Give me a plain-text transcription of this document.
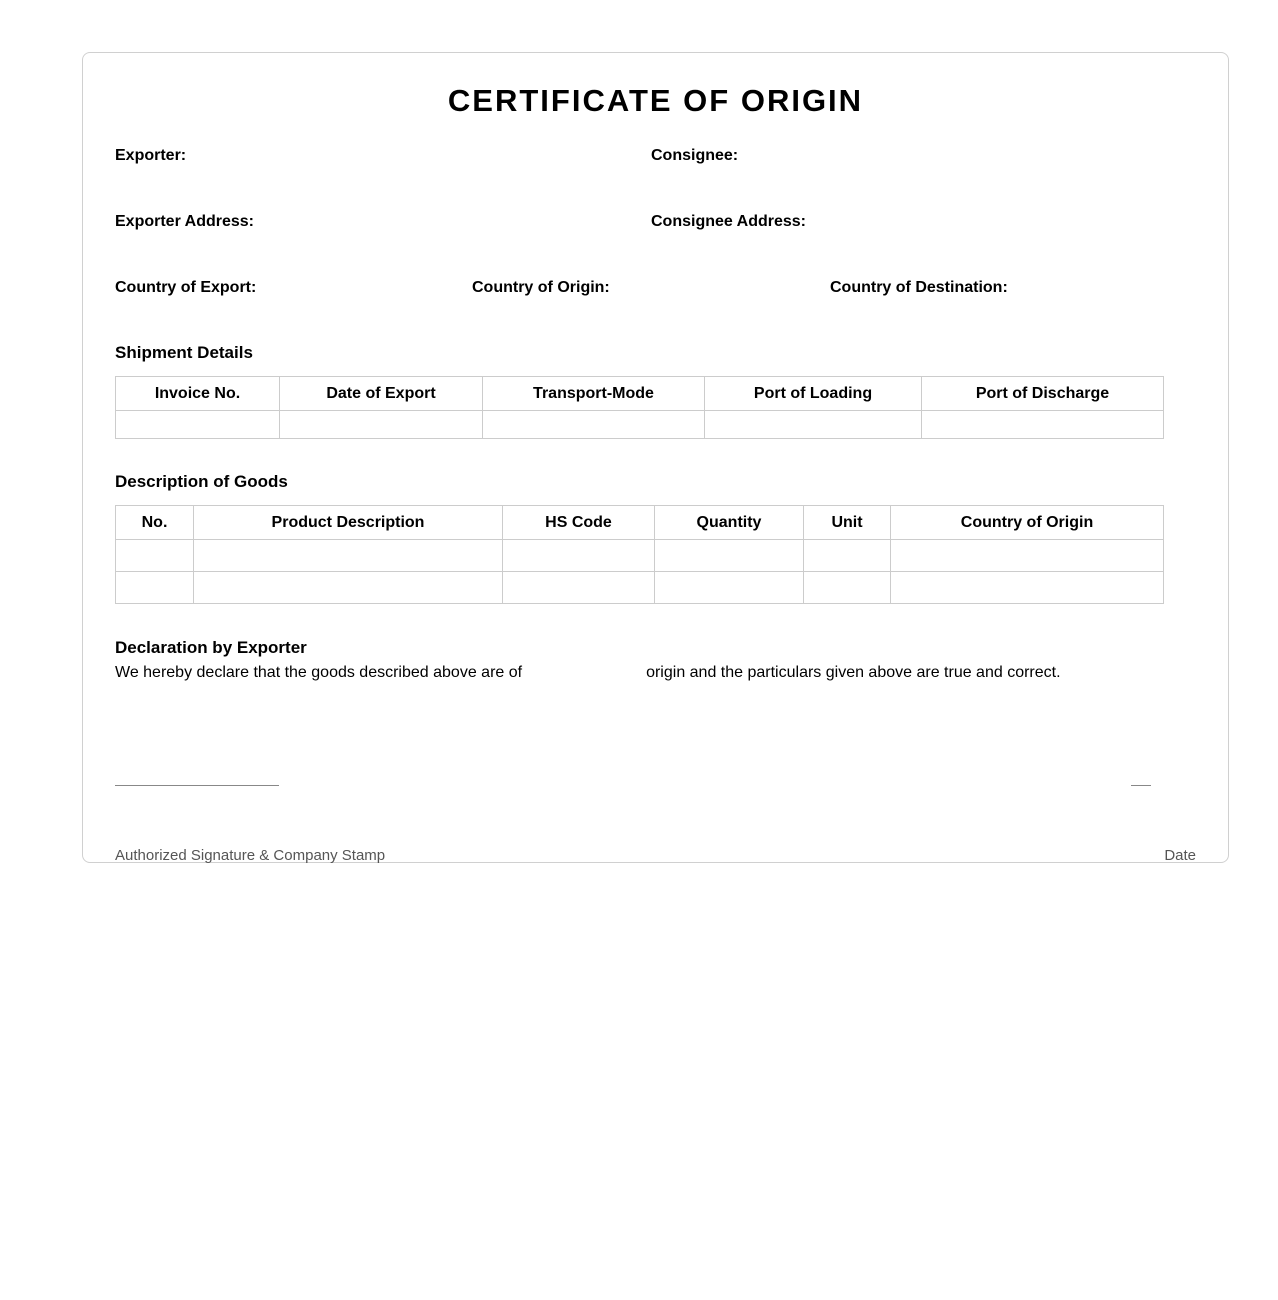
CERTIFICATE OF ORIGIN
Exporter:	Consignee:
Exporter Address:	Consignee Address:
Country of Export:	Country of Origin:	Country of Destination:
Shipment Details
Invoice No.	Date of Export	Transport-Mode	Port of Loading	Port of Discharge

Description of Goods
No.	Product Description	HS Code	Quantity	Unit	Country of Origin

Declaration by Exporter
We hereby declare that the goods described above are of	origin and the particulars given above are true and correct.
Authorized Signature & Company Stamp	Date
